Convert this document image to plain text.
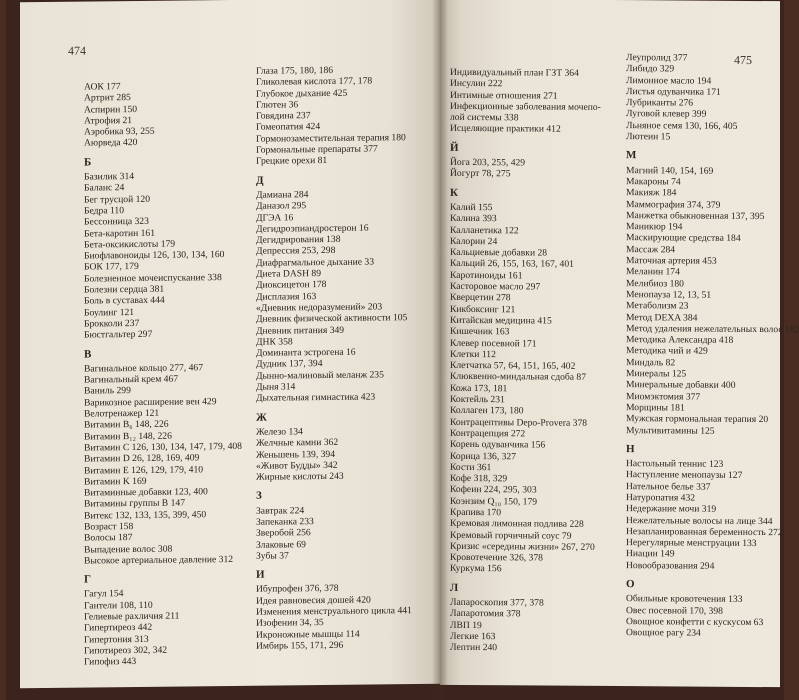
474
АОК 177
Артрит 285
Аспирин 150
Атрофия 21
Аэробика 93, 255
Аюрведа 420
Б
Базилик 314
Баланс 24
Бег трусцой 120
Бедра 110
Бессонница 323
Бета-каротин 161
Бета-оксикислоты 179
Биофлавоноиды 126, 130, 134, 160
БОК 177, 179
Болезненное мочеиспускание 338
Болезни сердца 381
Боль в суставах 444
Боулинг 121
Брокколи 237
Бюстгальтер 297
В
Вагинальное кольцо 277, 467
Вагинальный крем 467
Ваниль 299
Варикозное расширение вен 429
Велотренажер 121
Витамин B₆ 148, 226
Витамин B₁₂ 148, 226
Витамин C 126, 130, 134, 147, 179, 408
Витамин D 26, 128, 169, 409
Витамин E 126, 129, 179, 410
Витамин K 169
Витаминные добавки 123, 400
Витамины группы B 147
Витекс 132, 133, 135, 399, 450
Возраст 158
Волосы 187
Выпадение волос 308
Высокое артериальное давление 312
Г
Гагул 154
Гантели 108, 110
Гелиевые рахличия 211
Гипертиреоз 442
Гипертония 313
Гипотиреоз 302, 342
Гипофиз 443
Глаза 175, 180, 186
Гликолевая кислота 177, 178
Глубокое дыхание 425
Глютен 36
Говядина 237
Гомеопатия 424
Гормонозаместительная терапия 180
Гормональные препараты 377
Грецкие орехи 81
Д
Дамиана 284
Даназол 295
ДГЭА 16
Дегидроэпиандростерон 16
Дегидрирования 138
Депрессия 253, 298
Диафрагмальное дыхание 33
Диета DASH 89
Диоксицетон 178
Дисплазия 163
«Дневник недоразумений» 203
Дневник физической активности 105
Дневник питания 349
ДНК 358
Доминанта эстрогена 16
Дудник 137, 394
Дынно-малиновый меланж 235
Дыня 314
Дыхательная гимнастика 423
Ж
Железо 134
Желчные камни 362
Женьшень 139, 394
«Живот Будды» 342
Жирные кислоты 243
З
Завтрак 224
Запеканка 233
Зверобой 256
Злаковые 69
Зубы 37
И
Ибупрофен 376, 378
Идея равновесия дошей 420
Изменения менструального цикла 441
Изофенин 34, 35
Икроножные мышцы 114
Имбирь 155, 171, 296
475
Индивидуальный план ГЗТ 364
Инсулин 222
Интимные отношения 271
Инфекционные заболевания мочепо-
лой системы 338
Исцеляющие практики 412
Й
Йога 203, 255, 429
Йогурт 78, 275
К
Калий 155
Калина 393
Калланетика 122
Калории 24
Кальциевые добавки 28
Кальций 26, 155, 163, 167, 401
Каротиноиды 161
Касторовое масло 297
Кверцетин 278
Кикбоксинг 121
Китайская медицина 415
Кишечник 163
Клевер посевной 171
Клетки 112
Клетчатка 57, 64, 151, 165, 402
Клюквенно-миндальная сдоба 87
Кожа 173, 181
Коктейль 231
Коллаген 173, 180
Контрацептивы Depo-Provera 378
Контрацепция 272
Корень одуванчика 156
Корица 136, 327
Кости 361
Кофе 318, 329
Кофеин 224, 295, 303
Коэнзим Q₁₀ 150, 179
Крапива 170
Кремовая лимонная подлива 228
Кремовый горчичный соус 79
Кризис «середины жизни» 267, 270
Кровотечение 326, 378
Куркума 156
Л
Лапароскопия 377, 378
Лапаротомия 378
ЛВП 19
Легкие 163
Лептин 240
Леупролид 377
Либидо 329
Лимонное масло 194
Листья одуванчика 171
Лубриканты 276
Луговой клевер 399
Льняное семя 130, 166, 405
Лютеин 15
М
Магний 140, 154, 169
Макароны 74
Макияж 184
Маммография 374, 379
Манжетка обыкновенная 137, 395
Маникюр 194
Маскирующие средства 184
Массаж 284
Маточная артерия 453
Меланин 174
Мелибиоз 180
Менопауза 12, 13, 51
Метаболизм 23
Метод DEXA 384
Метод удаления нежелательных волос 182
Методика Александра 418
Методика чий и 429
Миндаль 82
Минералы 125
Минеральные добавки 400
Миомэктомия 377
Морщины 181
Мужская гормональная терапия 20
Мультивитамины 125
Н
Настольный теннис 123
Наступление менопаузы 127
Нательное белье 337
Натуропатия 432
Недержание мочи 319
Нежелательные волосы на лице 344
Незапланированная беременность 272
Нерегулярные менструации 133
Ниацин 149
Новообразования 294
О
Обильные кровотечения 133
Овес посевной 170, 398
Овощное конфетти с кускусом 63
Овощное рагу 234
